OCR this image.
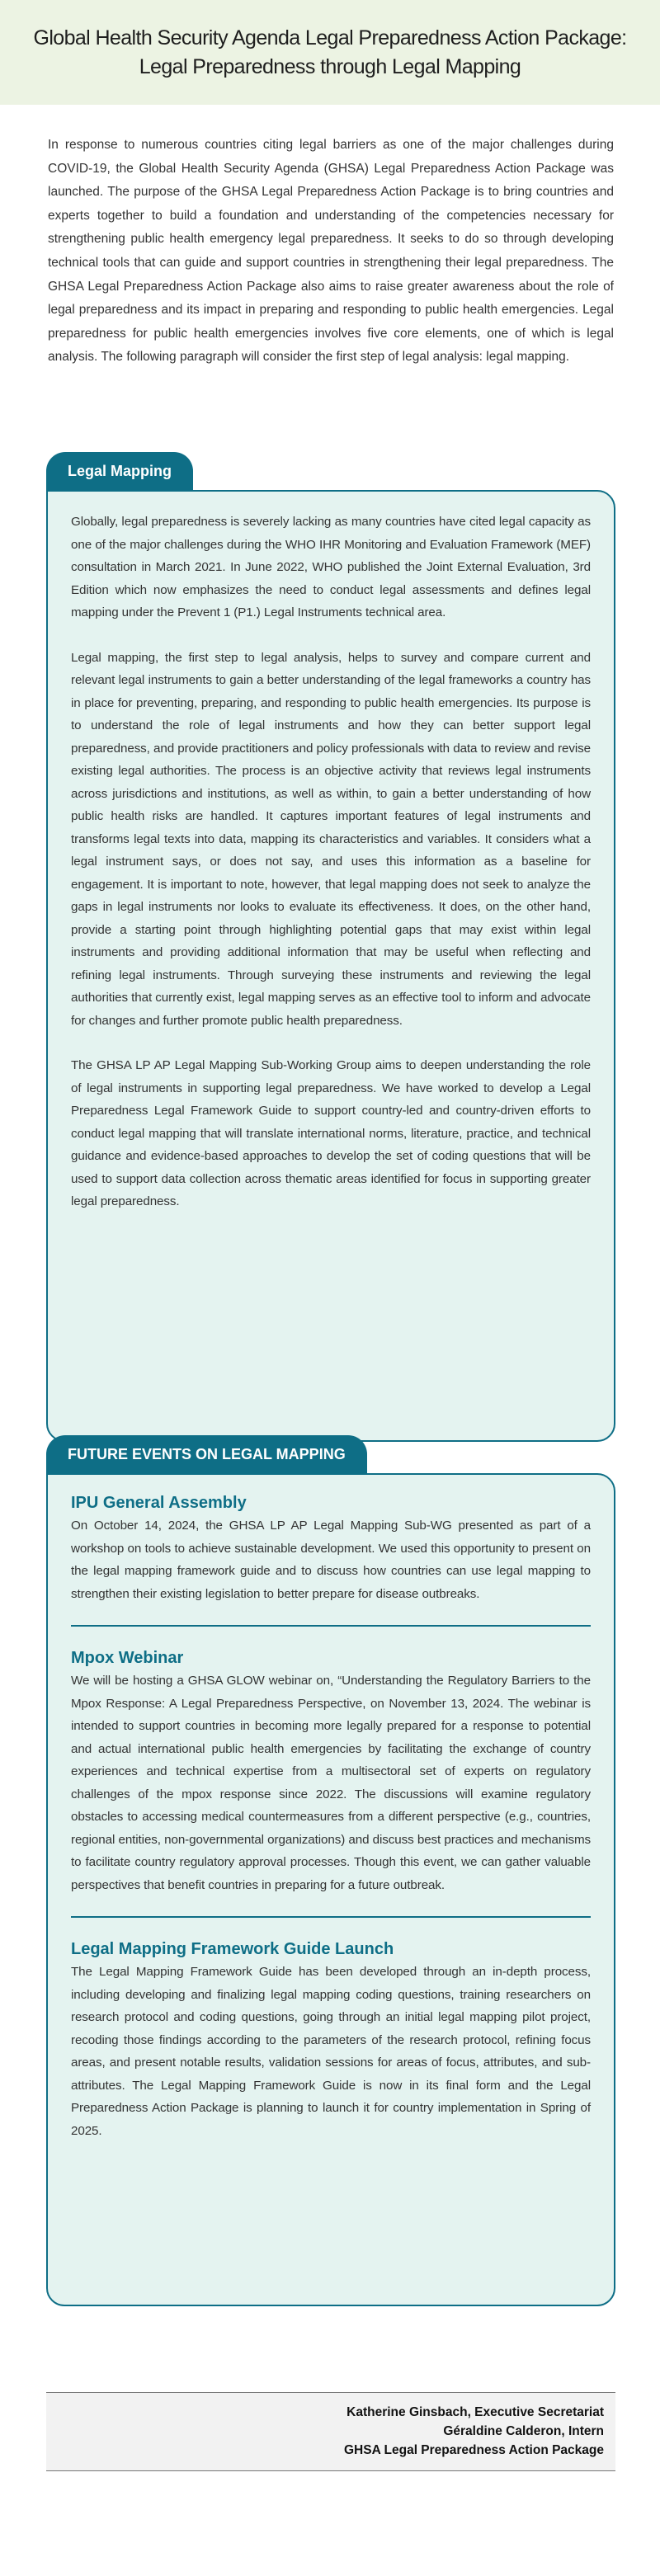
Global Health Security Agenda Legal Preparedness Action Package:
Legal Preparedness through Legal Mapping

In response to numerous countries citing legal barriers as one of the major challenges during COVID-19, the Global Health Security Agenda (GHSA) Legal Preparedness Action Package was launched. The purpose of the GHSA Legal Preparedness Action Package is to bring countries and experts together to build a foundation and understanding of the competencies necessary for strengthening public health emergency legal preparedness. It seeks to do so through developing technical tools that can guide and support countries in strengthening their legal preparedness. The GHSA Legal Preparedness Action Package also aims to raise greater awareness about the role of legal preparedness and its impact in preparing and responding to public health emergencies. Legal preparedness for public health emergencies involves five core elements, one of which is legal analysis. The following paragraph will consider the first step of legal analysis: legal mapping.

Legal Mapping

Globally, legal preparedness is severely lacking as many countries have cited legal capacity as one of the major challenges during the WHO IHR Monitoring and Evaluation Framework (MEF) consultation in March 2021. In June 2022, WHO published the Joint External Evaluation, 3rd Edition which now emphasizes the need to conduct legal assessments and defines legal mapping under the Prevent 1 (P1.) Legal Instruments technical area.

Legal mapping, the first step to legal analysis, helps to survey and compare current and relevant legal instruments to gain a better understanding of the legal frameworks a country has in place for preventing, preparing, and responding to public health emergencies. Its purpose is to understand the role of legal instruments and how they can better support legal preparedness, and provide practitioners and policy professionals with data to review and revise existing legal authorities. The process is an objective activity that reviews legal instruments across jurisdictions and institutions, as well as within, to gain a better understanding of how public health risks are handled. It captures important features of legal instruments and transforms legal texts into data, mapping its characteristics and variables. It considers what a legal instrument says, or does not say, and uses this information as a baseline for engagement. It is important to note, however, that legal mapping does not seek to analyze the gaps in legal instruments nor looks to evaluate its effectiveness. It does, on the other hand, provide a starting point through highlighting potential gaps that may exist within legal instruments and providing additional information that may be useful when reflecting and refining legal instruments. Through surveying these instruments and reviewing the legal authorities that currently exist, legal mapping serves as an effective tool to inform and advocate for changes and further promote public health preparedness.

The GHSA LP AP Legal Mapping Sub-Working Group aims to deepen understanding the role of legal instruments in supporting legal preparedness. We have worked to develop a Legal Preparedness Legal Framework Guide to support country-led and country-driven efforts to conduct legal mapping that will translate international norms, literature, practice, and technical guidance and evidence-based approaches to develop the set of coding questions that will be used to support data collection across thematic areas identified for focus in supporting greater legal preparedness.

FUTURE EVENTS ON LEGAL MAPPING
IPU General Assembly

On October 14, 2024, the GHSA LP AP Legal Mapping Sub-WG presented as part of a workshop on tools to achieve sustainable development. We used this opportunity to present on the legal mapping framework guide and to discuss how countries can use legal mapping to strengthen their existing legislation to better prepare for disease outbreaks.

Mpox Webinar

We will be hosting a GHSA GLOW webinar on, “Understanding the Regulatory Barriers to the Mpox Response: A Legal Preparedness Perspective, on November 13, 2024. The webinar is intended to support countries in becoming more legally prepared for a response to potential and actual international public health emergencies by facilitating the exchange of country experiences and technical expertise from a multisectoral set of experts on regulatory challenges of the mpox response since 2022. The discussions will examine regulatory obstacles to accessing medical countermeasures from a different perspective (e.g., countries, regional entities, non-governmental organizations) and discuss best practices and mechanisms to facilitate country regulatory approval processes. Though this event, we can gather valuable perspectives that benefit countries in preparing for a future outbreak.

Legal Mapping Framework Guide Launch

The Legal Mapping Framework Guide has been developed through an in-depth process, including developing and finalizing legal mapping coding questions, training researchers on research protocol and coding questions, going through an initial legal mapping pilot project, recoding those findings according to the parameters of the research protocol, refining focus areas, and present notable results, validation sessions for areas of focus, attributes, and sub-attributes. The Legal Mapping Framework Guide is now in its final form and the Legal Preparedness Action Package is planning to launch it for country implementation in Spring of 2025.

Katherine Ginsbach, Executive Secretariat
Géraldine Calderon, Intern
GHSA Legal Preparedness Action Package
